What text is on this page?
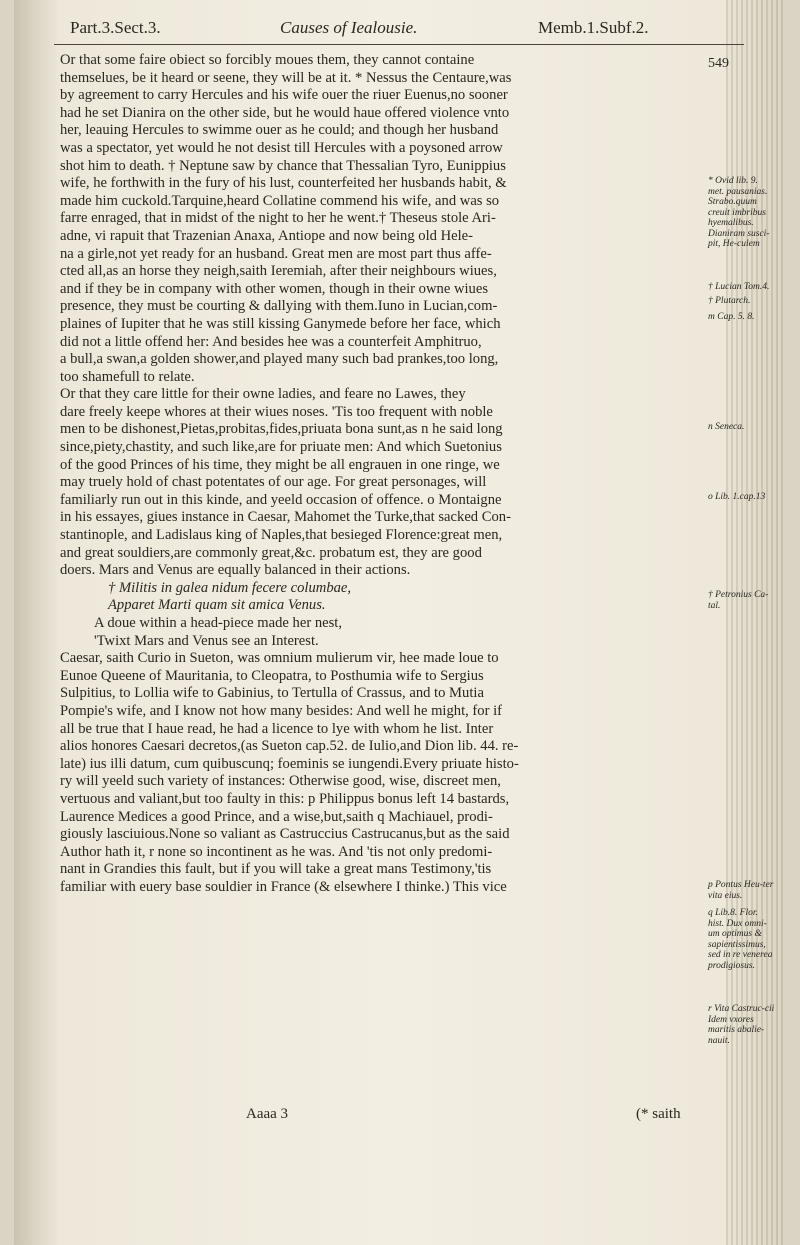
Part.3.Sect.3.	Causes of Iealousie.	Memb.1.Subf.2.
549
Or that some faire obiect so forcibly moues them, they cannot containe
themselues, be it heard or seene, they will be at it. * Nessus the Centaure,was
by agreement to carry Hercules and his wife ouer the riuer Euenus,no sooner
had he set Dianira on the other side, but he would haue offered violence vnto
her, leauing Hercules to swimme ouer as he could; and though her husband
was a spectator, yet would he not desist till Hercules with a poysoned arrow
shot him to death. † Neptune saw by chance that Thessalian Tyro, Eunippius
wife, he forthwith in the fury of his lust, counterfeited her husbands habit, &
made him cuckold.Tarquine,heard Collatine commend his wife, and was so
farre enraged, that in midst of the night to her he went.† Theseus stole Ari-
adne, vi rapuit that Trazenian Anaxa, Antiope and now being old Hele-
na a girle,not yet ready for an husband. Great men are most part thus affe-
cted all,as an horse they neigh,saith Ieremiah, after their neighbours wiues,
and if they be in company with other women, though in their owne wiues
presence, they must be courting & dallying with them.Iuno in Lucian,com-
plaines of Iupiter that he was still kissing Ganymede before her face, which
did not a little offend her: And besides hee was a counterfeit Amphitruo,
a bull,a swan,a golden shower,and played many such bad prankes,too long,
too shamefull to relate.
Or that they care little for their owne ladies, and feare no Lawes, they
dare freely keepe whores at their wiues noses. 'Tis too frequent with noble
men to be dishonest,Pietas,probitas,fides,priuata bona sunt,as n he said long
since,piety,chastity, and such like,are for priuate men: And which Suetonius
of the good Princes of his time, they might be all engrauen in one ringe, we
may truely hold of chast potentates of our age. For great personages, will
familiarly run out in this kinde, and yeeld occasion of offence. o Montaigne
in his essayes, giues instance in Caesar, Mahomet the Turke,that sacked Con-
stantinople, and Ladislaus king of Naples,that besieged Florence:great men,
and great souldiers,are commonly great,&c. probatum est, they are good
doers. Mars and Venus are equally balanced in their actions.
† Militis in galea nidum fecere columbae,
Apparet Marti quam sit amica Venus.
A doue within a head-piece made her nest,
'Twixt Mars and Venus see an Interest.
Caesar, saith Curio in Sueton, was omnium mulierum vir, hee made loue to
Eunoe Queene of Mauritania, to Cleopatra, to Posthumia wife to Sergius
Sulpitius, to Lollia wife to Gabinius, to Tertulla of Crassus, and to Mutia
Pompie's wife, and I know not how many besides: And well he might, for if
all be true that I haue read, he had a licence to lye with whom he list. Inter
alios honores Caesari decretos,(as Sueton cap.52. de Iulio,and Dion lib. 44. re-
late) ius illi datum, cum quibuscunq; foeminis se iungendi.Every priuate histo-
ry will yeeld such variety of instances: Otherwise good, wise, discreet men,
vertuous and valiant,but too faulty in this: p Philippus bonus left 14 bastards,
Laurence Medices a good Prince, and a wise,but,saith q Machiauel, prodi-
giously lasciuious.None so valiant as Castruccius Castrucanus,but as the said
Author hath it, r none so incontinent as he was. And 'tis not only predomi-
nant in Grandies this fault, but if you will take a great mans Testimony,'tis
familiar with euery base souldier in France (& elsewhere I thinke.) This vice
* Ovid lib. 9. met. pausanias. Strabo.quum creuit imbribus hyemalibus. Dianiram susci-pit, He-culem
† Lucian Tom.4.
† Plutarch.
m Cap. 5. 8.
n Seneca.
o Lib. 1.cap.13
† Petronius Ca-tal.
p Pontus Heu-ter vita eius.
q Lib.8. Flor. hist. Dux omni-um optimus & sapientissimus, sed in re venerea prodigiosus.
r Vita Castruc-cii Idem vxores maritis abalie-nauit.
Aaaa 3	(* saith
